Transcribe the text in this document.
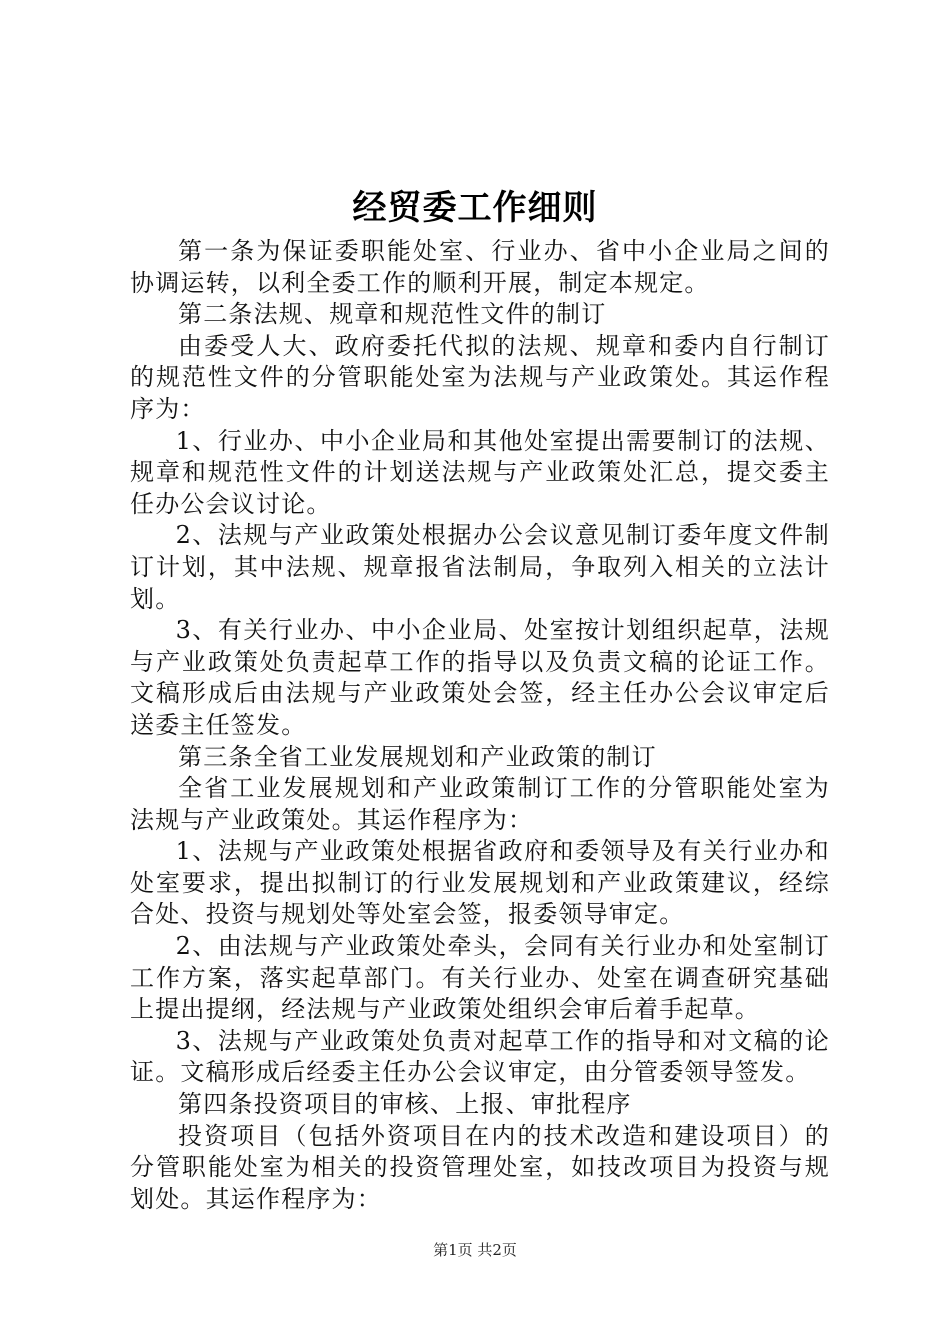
经贸委工作细则

第一条为保证委职能处室、行业办、省中小企业局之间的协调运转，以利全委工作的顺利开展，制定本规定。

第二条法规、规章和规范性文件的制订

由委受人大、政府委托代拟的法规、规章和委内自行制订的规范性文件的分管职能处室为法规与产业政策处。其运作程序为：

1、行业办、中小企业局和其他处室提出需要制订的法规、规章和规范性文件的计划送法规与产业政策处汇总，提交委主任办公会议讨论。

2、法规与产业政策处根据办公会议意见制订委年度文件制订计划，其中法规、规章报省法制局，争取列入相关的立法计划。

3、有关行业办、中小企业局、处室按计划组织起草，法规与产业政策处负责起草工作的指导以及负责文稿的论证工作。文稿形成后由法规与产业政策处会签，经主任办公会议审定后送委主任签发。

第三条全省工业发展规划和产业政策的制订

全省工业发展规划和产业政策制订工作的分管职能处室为法规与产业政策处。其运作程序为：

1、法规与产业政策处根据省政府和委领导及有关行业办和处室要求，提出拟制订的行业发展规划和产业政策建议，经综合处、投资与规划处等处室会签，报委领导审定。

2、由法规与产业政策处牵头，会同有关行业办和处室制订工作方案，落实起草部门。有关行业办、处室在调查研究基础上提出提纲，经法规与产业政策处组织会审后着手起草。

3、法规与产业政策处负责对起草工作的指导和对文稿的论证。文稿形成后经委主任办公会议审定，由分管委领导签发。

第四条投资项目的审核、上报、审批程序

投资项目（包括外资项目在内的技术改造和建设项目）的分管职能处室为相关的投资管理处室，如技改项目为投资与规划处。其运作程序为：

第1页 共2页
